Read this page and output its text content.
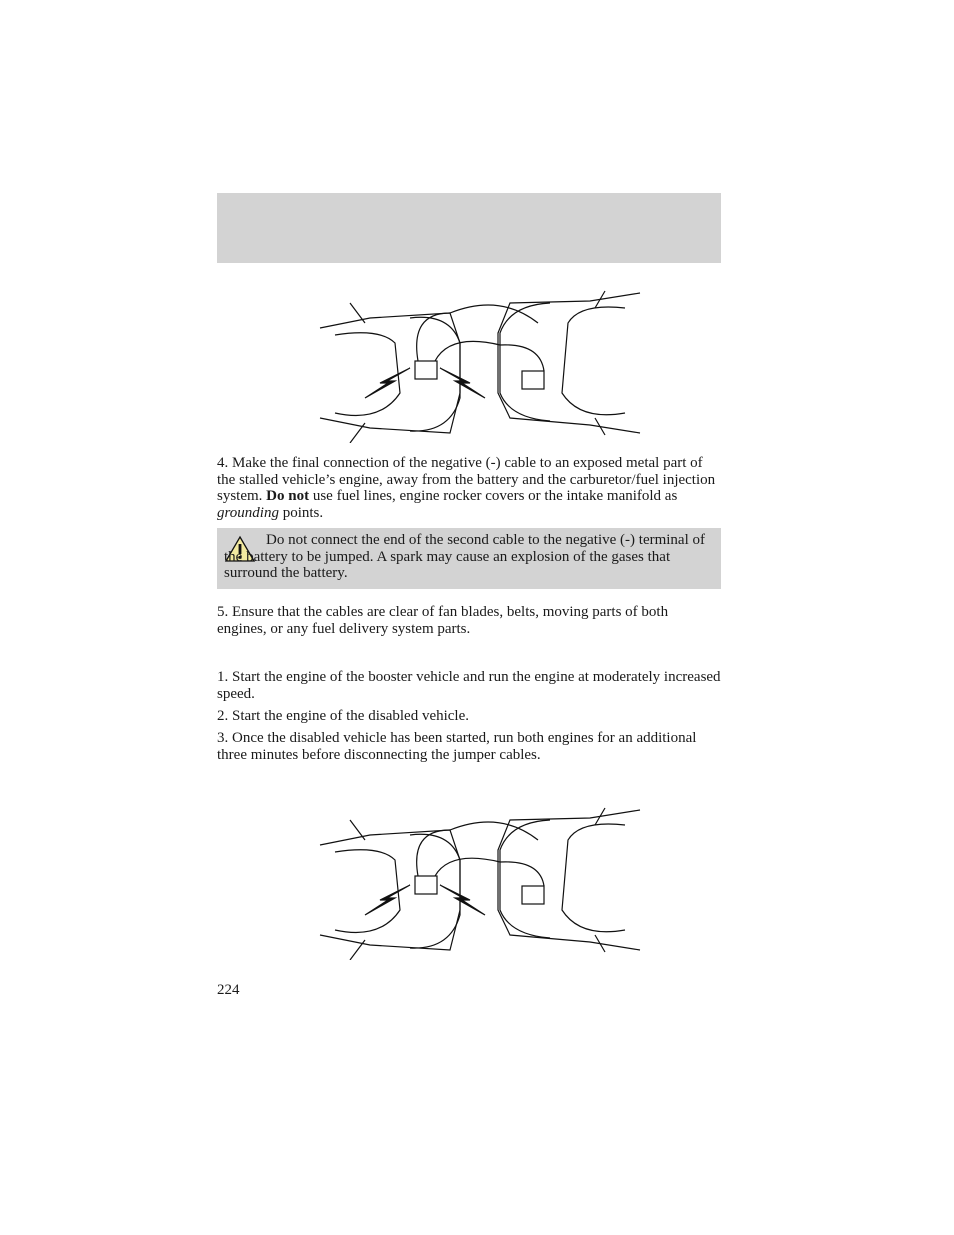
4. Make the final connection of the negative (-) cable to an exposed metal part of the stalled vehicle’s engine, away from the battery and the carburetor/fuel injection system. Do not use fuel lines, engine rocker covers or the intake manifold as grounding points.

Do not connect the end of the second cable to the negative (-) terminal of the battery to be jumped. A spark may cause an explosion of the gases that surround the battery.

5. Ensure that the cables are clear of fan blades, belts, moving parts of both engines, or any fuel delivery system parts.

1. Start the engine of the booster vehicle and run the engine at moderately increased speed.

2. Start the engine of the disabled vehicle.

3. Once the disabled vehicle has been started, run both engines for an additional three minutes before disconnecting the jumper cables.

224
